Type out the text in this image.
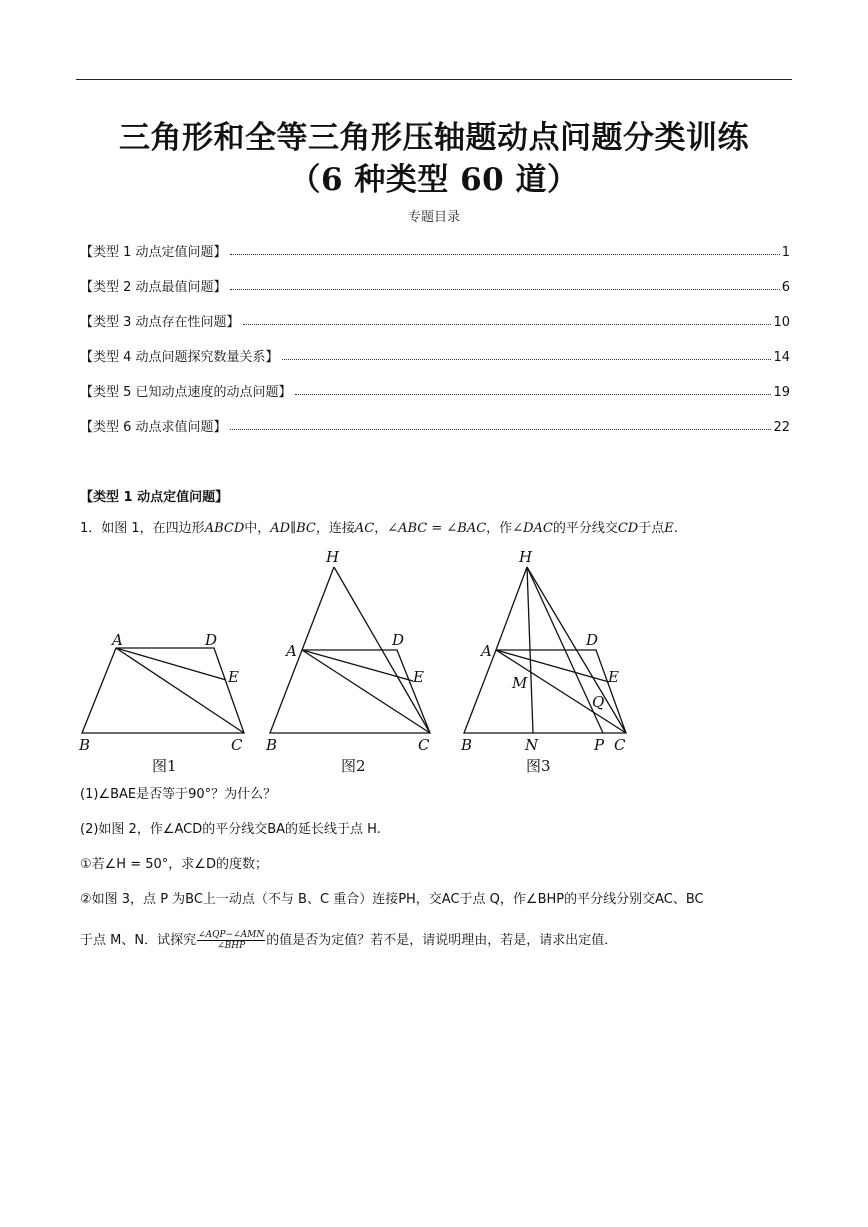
三角形和全等三角形压轴题动点问题分类训练
（6 种类型 60 道）
专题目录
【类型 1 动点定值问题】	1
【类型 2 动点最值问题】	6
【类型 3 动点存在性问题】	10
【类型 4 动点问题探究数量关系】	14
【类型 5 已知动点速度的动点问题】	19
【类型 6 动点求值问题】	22
【类型 1 动点定值问题】
1．如图 1，在四边形ABCD中，AD∥BC，连接AC，∠ABC = ∠BAC，作∠DAC的平分线交CD于点E.
A	D
E
B	C
图1
H
A
D
E
B	C
图2
H
A
D
E
M
Q
B	N	P C
图3
(1)∠BAE是否等于90°？为什么？
(2)如图 2，作∠ACD的平分线交BA的延长线于点 H.
①若∠H = 50°，求∠D的度数；
②如图 3，点 P 为BC上一动点（不与 B、C 重合）连接PH，交AC于点 Q，作∠BHP的平分线分别交AC、BC
于点 M、N．试探究 $\frac{\text{∠AQP−∠AMN}}{\text{∠BHP}}$ 的值是否为定值？若不是，请说明理由，若是，请求出定值．
